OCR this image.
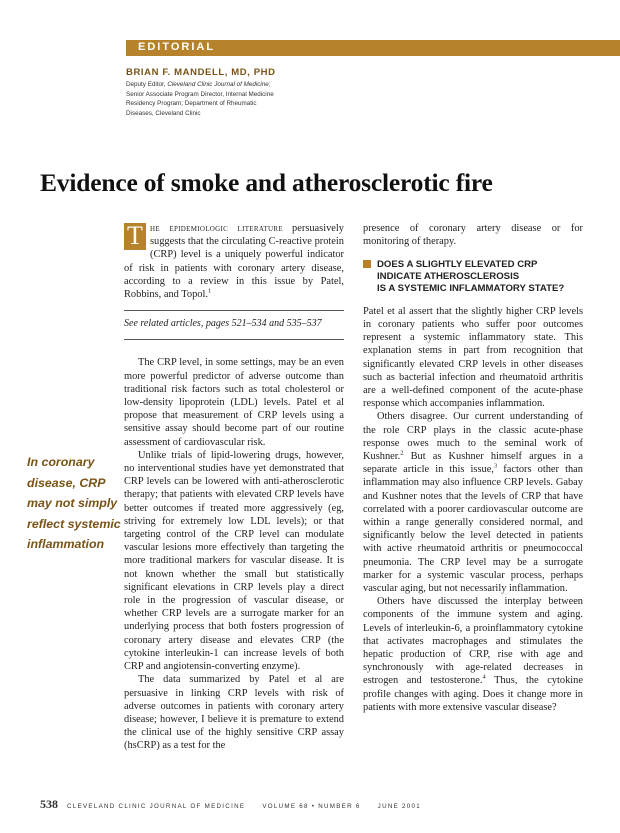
EDITORIAL
BRIAN F. MANDELL, MD, PHD
Deputy Editor, Cleveland Clinic Journal of Medicine;
Senior Associate Program Director, Internal Medicine
Residency Program; Department of Rheumatic
Diseases, Cleveland Clinic
Evidence of smoke and atherosclerotic fire
In coronary
disease, CRP
may not simply
reflect systemic
inflammation

T he epidemiologic literature persuasively suggests that the circulating C-reactive protein (CRP) level is a uniquely powerful indicator of risk in patients with coronary artery disease, according to a review in this issue by Patel, Robbins, and Topol.$^1$

See related articles, pages 521–534 and 535–537

The CRP level, in some settings, may be an even more powerful predictor of adverse outcome than traditional risk factors such as total cholesterol or low-density lipoprotein (LDL) levels. Patel et al propose that measurement of CRP levels using a sensitive assay should become part of our routine assessment of cardiovascular risk.

Unlike trials of lipid-lowering drugs, however, no interventional studies have yet demonstrated that CRP levels can be lowered with anti-atherosclerotic therapy; that patients with elevated CRP levels have better outcomes if treated more aggressively (eg, striving for extremely low LDL levels); or that targeting control of the CRP level can modulate vascular lesions more effectively than targeting the more traditional markers for vascular disease. It is not known whether the small but statistically significant elevations in CRP levels play a direct role in the progression of vascular disease, or whether CRP levels are a surrogate marker for an underlying process that both fosters progression of coronary artery disease and elevates CRP (the cytokine interleukin-1 can increase levels of both CRP and angiotensin-converting enzyme).

The data summarized by Patel et al are persuasive in linking CRP levels with risk of adverse outcomes in patients with coronary artery disease; however, I believe it is premature to extend the clinical use of the highly sensitive CRP assay (hsCRP) as a test for the

presence of coronary artery disease or for monitoring of therapy.

DOES A SLIGHTLY ELEVATED CRP
INDICATE ATHEROSCLEROSIS
IS A SYSTEMIC INFLAMMATORY STATE?

Patel et al assert that the slightly higher CRP levels in coronary patients who suffer poor outcomes represent a systemic inflammatory state. This explanation stems in part from recognition that significantly elevated CRP levels in other diseases such as bacterial infection and rheumatoid arthritis are a well-defined component of the acute-phase response which accompanies inflammation.

Others disagree. Our current understanding of the role CRP plays in the classic acute-phase response owes much to the seminal work of Kushner.$^2$ But as Kushner himself argues in a separate article in this issue,$^3$ factors other than inflammation may also influence CRP levels. Gabay and Kushner notes that the levels of CRP that have correlated with a poorer cardiovascular outcome are within a range generally considered normal, and significantly below the level detected in patients with active rheumatoid arthritis or pneumococcal pneumonia. The CRP level may be a surrogate marker for a systemic vascular process, perhaps vascular aging, but not necessarily inflammation.

Others have discussed the interplay between components of the immune system and aging. Levels of interleukin-6, a proinflammatory cytokine that activates macrophages and stimulates the hepatic production of CRP, rise with age and synchronously with age-related decreases in estrogen and testosterone.$^4$ Thus, the cytokine profile changes with aging. Does it change more in patients with more extensive vascular disease?

538 CLEVELAND CLINIC JOURNAL OF MEDICINE	VOLUME 68 • NUMBER 6	JUNE 2001
